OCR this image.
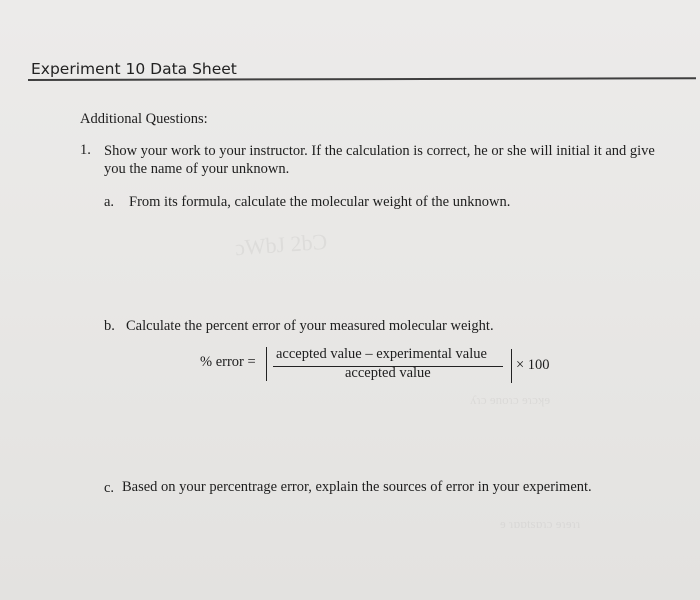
ɔWbJ 2bƆ
ʎɿɔ ɘnoɿɔ ɘɿɔʞɘ
ɘ ɿɒɒtsɒɿɔ ɘɿɘɿɿ
Experiment 10 Data Sheet
Additional Questions:
1. Show your work to your instructor. If the calculation is correct, he or she will initial it and give
you the name of your unknown.
a. From its formula, calculate the molecular weight of the unknown.
b. Calculate the percent error of your measured molecular weight.
% error = accepted value – experimental value
accepted value	× 100
c. Based on your percentrage error, explain the sources of error in your experiment.
